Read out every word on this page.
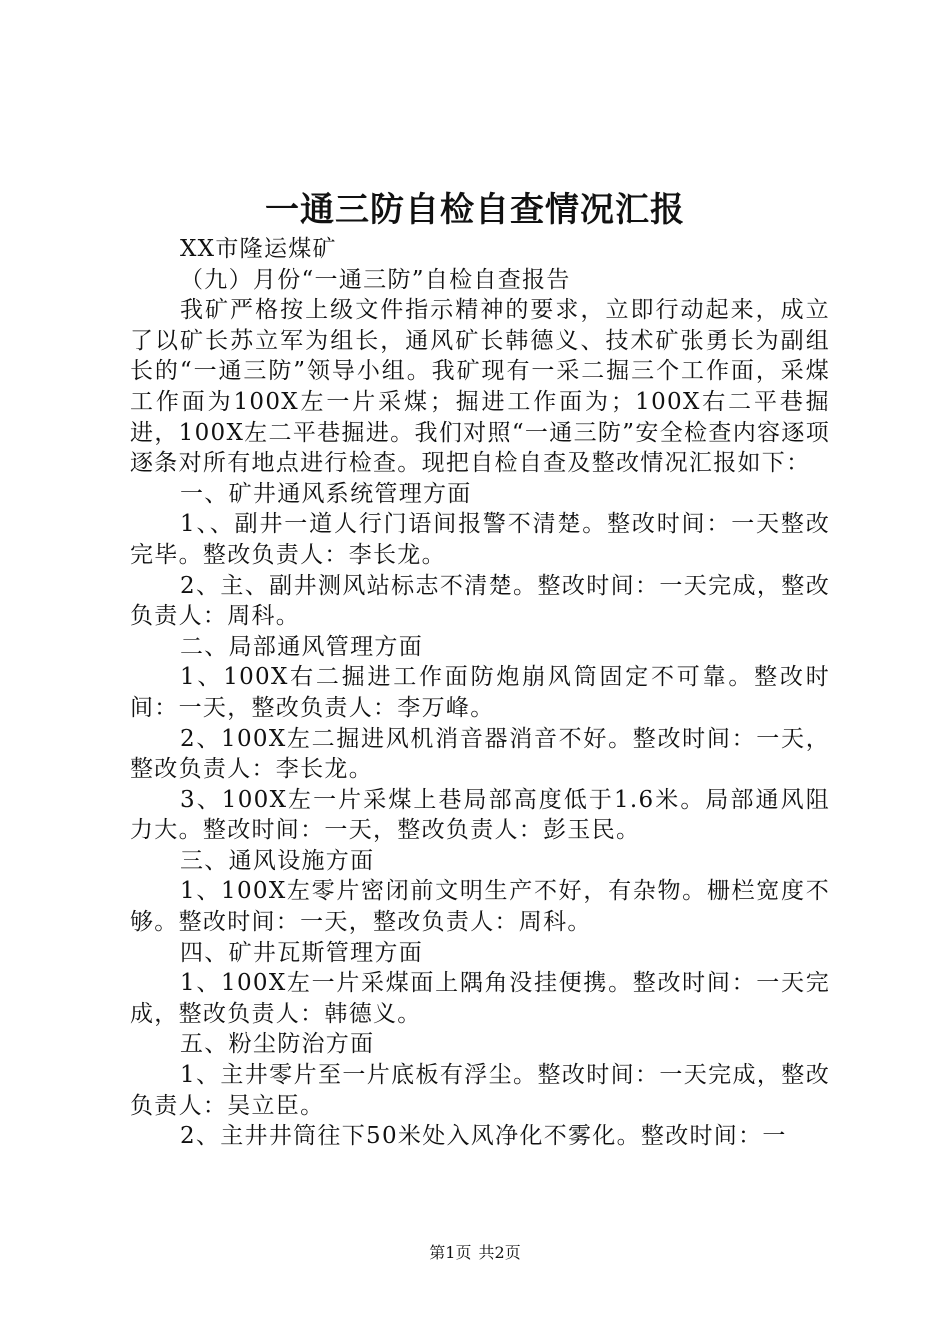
一通三防自检自查情况汇报

XX市隆运煤矿

（九）月份“一通三防”自检自查报告

我矿严格按上级文件指示精神的要求，立即行动起来，成立了以矿长苏立军为组长，通风矿长韩德义、技术矿张勇长为副组长的“一通三防”领导小组。我矿现有一采二掘三个工作面，采煤工作面为100X左一片采煤；掘进工作面为；100X右二平巷掘进，100X左二平巷掘进。我们对照“一通三防”安全检查内容逐项逐条对所有地点进行检查。现把自检自查及整改情况汇报如下：

一、矿井通风系统管理方面

1、、副井一道人行门语间报警不清楚。整改时间：一天整改完毕。整改负责人：李长龙。

2、主、副井测风站标志不清楚。整改时间：一天完成，整改负责人：周科。

二、局部通风管理方面

1、100X右二掘进工作面防炮崩风筒固定不可靠。整改时间：一天，整改负责人：李万峰。

2、100X左二掘进风机消音器消音不好。整改时间：一天，整改负责人：李长龙。

3、100X左一片采煤上巷局部高度低于1.6米。局部通风阻力大。整改时间：一天，整改负责人：彭玉民。

三、通风设施方面

1、100X左零片密闭前文明生产不好，有杂物。栅栏宽度不够。整改时间：一天，整改负责人：周科。

四、矿井瓦斯管理方面

1、100X左一片采煤面上隅角没挂便携。整改时间：一天完成，整改负责人：韩德义。

五、粉尘防治方面

1、主井零片至一片底板有浮尘。整改时间：一天完成，整改负责人：吴立臣。

2、主井井筒往下50米处入风净化不雾化。整改时间：一

第1页 共2页
